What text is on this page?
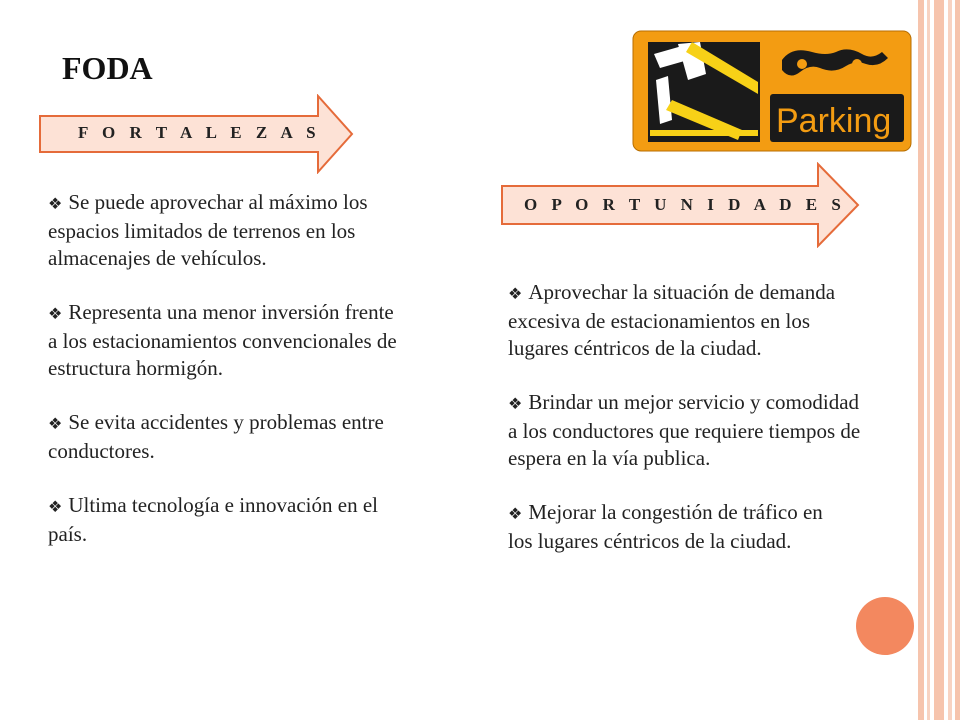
FODA
F O R T A L E Z A S
O P O R T U N I D A D E S

❖ Se puede aprovechar al máximo los espacios limitados de terrenos en los almacenajes de vehículos.

❖ Representa una menor inversión frente a los estacionamientos convencionales de estructura hormigón.

❖ Se evita accidentes y problemas entre conductores.

❖ Ultima tecnología e innovación en el país.

❖ Aprovechar la situación de demanda excesiva de estacionamientos en los lugares céntricos de la ciudad.

❖ Brindar un mejor servicio y comodidad a los conductores que requiere tiempos de espera en la vía publica.

❖ Mejorar la congestión de tráfico en los lugares céntricos de la ciudad.

Parking
